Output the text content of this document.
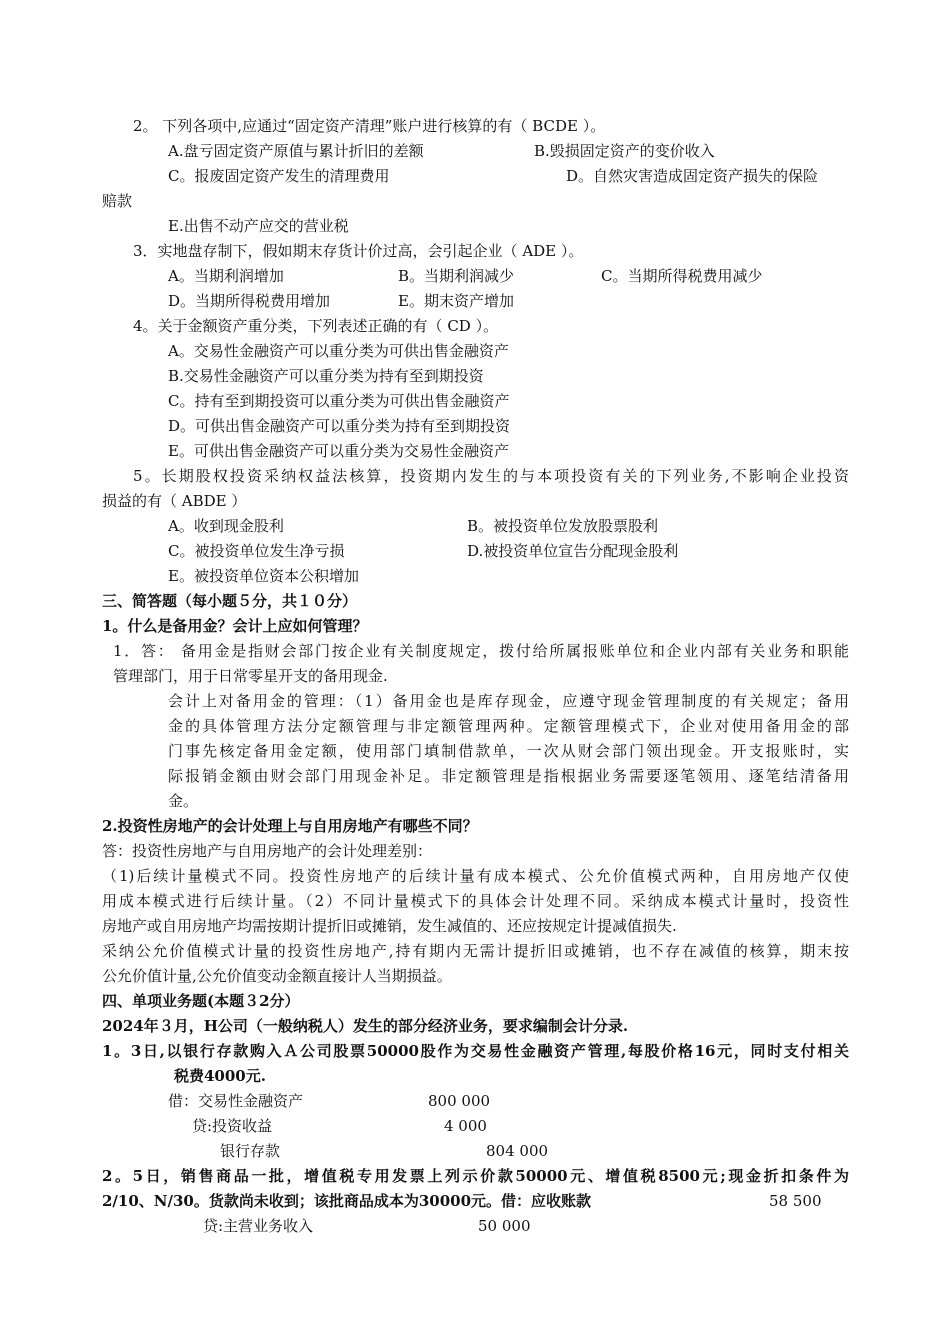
2。 下列各项中,应通过“固定资产清理”账户进行核算的有（ BCDE ）。
A.盘亏固定资产原值与累计折旧的差额	B.毁损固定资产的变价收入
C。报废固定资产发生的清理费用	D。自然灾害造成固定资产损失的保险
赔款
E.出售不动产应交的营业税
3．实地盘存制下，假如期末存货计价过高，会引起企业（ ADE ）。
A。当期利润增加	B。当期利润减少	C。当期所得税费用减少
D。当期所得税费用增加	E。期末资产增加
4。关于金额资产重分类，下列表述正确的有（ CD ）。
A。交易性金融资产可以重分类为可供出售金融资产
B.交易性金融资产可以重分类为持有至到期投资
C。持有至到期投资可以重分类为可供出售金融资产
D。可供出售金融资产可以重分类为持有至到期投资
E。可供出售金融资产可以重分类为交易性金融资产
5。长期股权投资采纳权益法核算，投资期内发生的与本项投资有关的下列业务,不影响企业投资
损益的有（ ABDE ）
A。收到现金股利	B。被投资单位发放股票股利
C。被投资单位发生净亏损	D.被投资单位宣告分配现金股利
E。被投资单位资本公积增加
三、简答题（每小题５分，共１０分）
1。什么是备用金？会计上应如何管理？
1．答： 备用金是指财会部门按企业有关制度规定，拨付给所属报账单位和企业内部有关业务和职能
管理部门，用于日常零星开支的备用现金.
会计上对备用金的管理：（1）备用金也是库存现金，应遵守现金管理制度的有关规定；备用
金的具体管理方法分定额管理与非定额管理两种。定额管理模式下，企业对使用备用金的部
门事先核定备用金定额，使用部门填制借款单，一次从财会部门领出现金。开支报账时，实
际报销金额由财会部门用现金补足。非定额管理是指根据业务需要逐笔领用、逐笔结清备用
金。
2.投资性房地产的会计处理上与自用房地产有哪些不同？
答：投资性房地产与自用房地产的会计处理差别：
（1)后续计量模式不同。投资性房地产的后续计量有成本模式、公允价值模式两种，自用房地产仅使
用成本模式进行后续计量。（2）不同计量模式下的具体会计处理不同。采纳成本模式计量时，投资性
房地产或自用房地产均需按期计提折旧或摊销，发生减值的、还应按规定计提减值损失.
采纳公允价值模式计量的投资性房地产,持有期内无需计提折旧或摊销，也不存在减值的核算，期末按
公允价值计量,公允价值变动金额直接计人当期损益。
四、单项业务题(本题３2分）
2024年３月，H公司（一般纳税人）发生的部分经济业务，要求编制会计分录.
1。3日,以银行存款购入Ａ公司股票50000股作为交易性金融资产管理,每股价格16元，同时支付相关
税费4000元.
借：交易性金融资产	800 000
贷:投资收益	4 000
银行存款	804 000
2。5日，销售商品一批，增值税专用发票上列示价款50000元、增值税8500元;现金折扣条件为
2/10、N/30。货款尚未收到；该批商品成本为30000元。借：应收账款	58 500
贷:主营业务收入	50 000
